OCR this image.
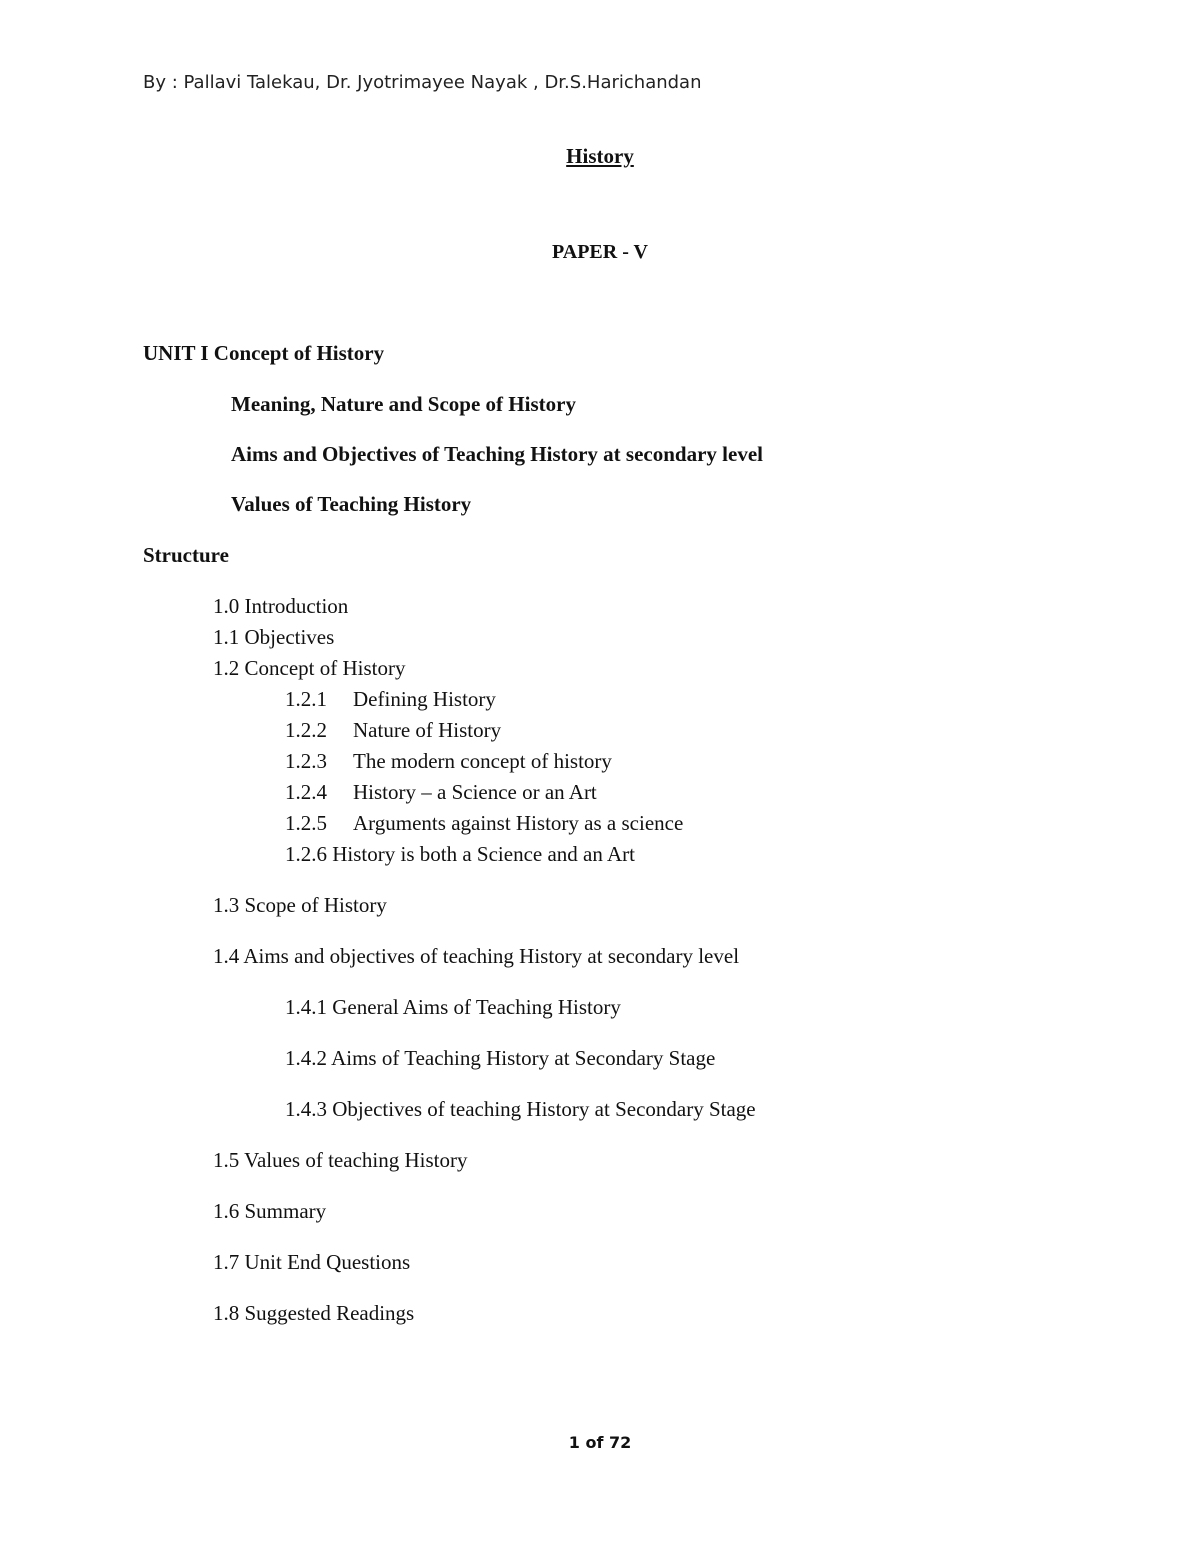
By : Pallavi Talekau, Dr. Jyotrimayee Nayak , Dr.S.Harichandan
History
PAPER - V
UNIT I Concept of History
Meaning, Nature and Scope of History
Aims and Objectives of Teaching History at secondary level
Values of Teaching History
Structure
1.0 Introduction
1.1 Objectives
1.2 Concept of History
1.2.1 Defining History
1.2.2 Nature of History
1.2.3 The modern concept of history
1.2.4 History – a Science or an Art
1.2.5 Arguments against History as a science
1.2.6 History is both a Science and an Art
1.3 Scope of History
1.4 Aims and objectives of teaching History at secondary level
1.4.1 General Aims of Teaching History
1.4.2 Aims of Teaching History at Secondary Stage
1.4.3 Objectives of teaching History at Secondary Stage
1.5 Values of teaching History
1.6 Summary
1.7 Unit End Questions
1.8 Suggested Readings
1 of 72
